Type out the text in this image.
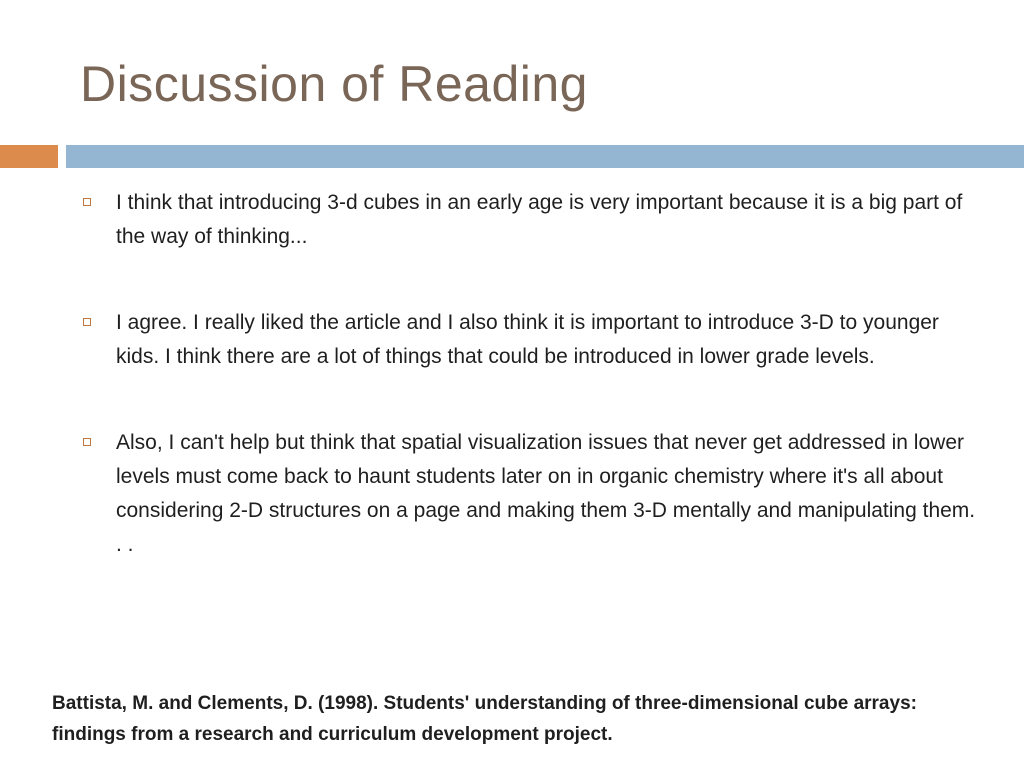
Discussion of Reading
I think that introducing 3-d cubes in an early age is very important because it is a big part of the way of thinking...
I agree. I really liked the article and I also think it is important to introduce 3-D to younger kids. I think there are a lot of things that could be introduced in lower grade levels.
Also, I can't help but think that spatial visualization issues that never get addressed in lower levels must come back to haunt students later on in organic chemistry where it's all about considering 2-D structures on a page and making them 3-D mentally and manipulating them. . .

Battista, M. and Clements, D. (1998). Students' understanding of three-dimensional cube arrays: findings from a research and curriculum development project.
